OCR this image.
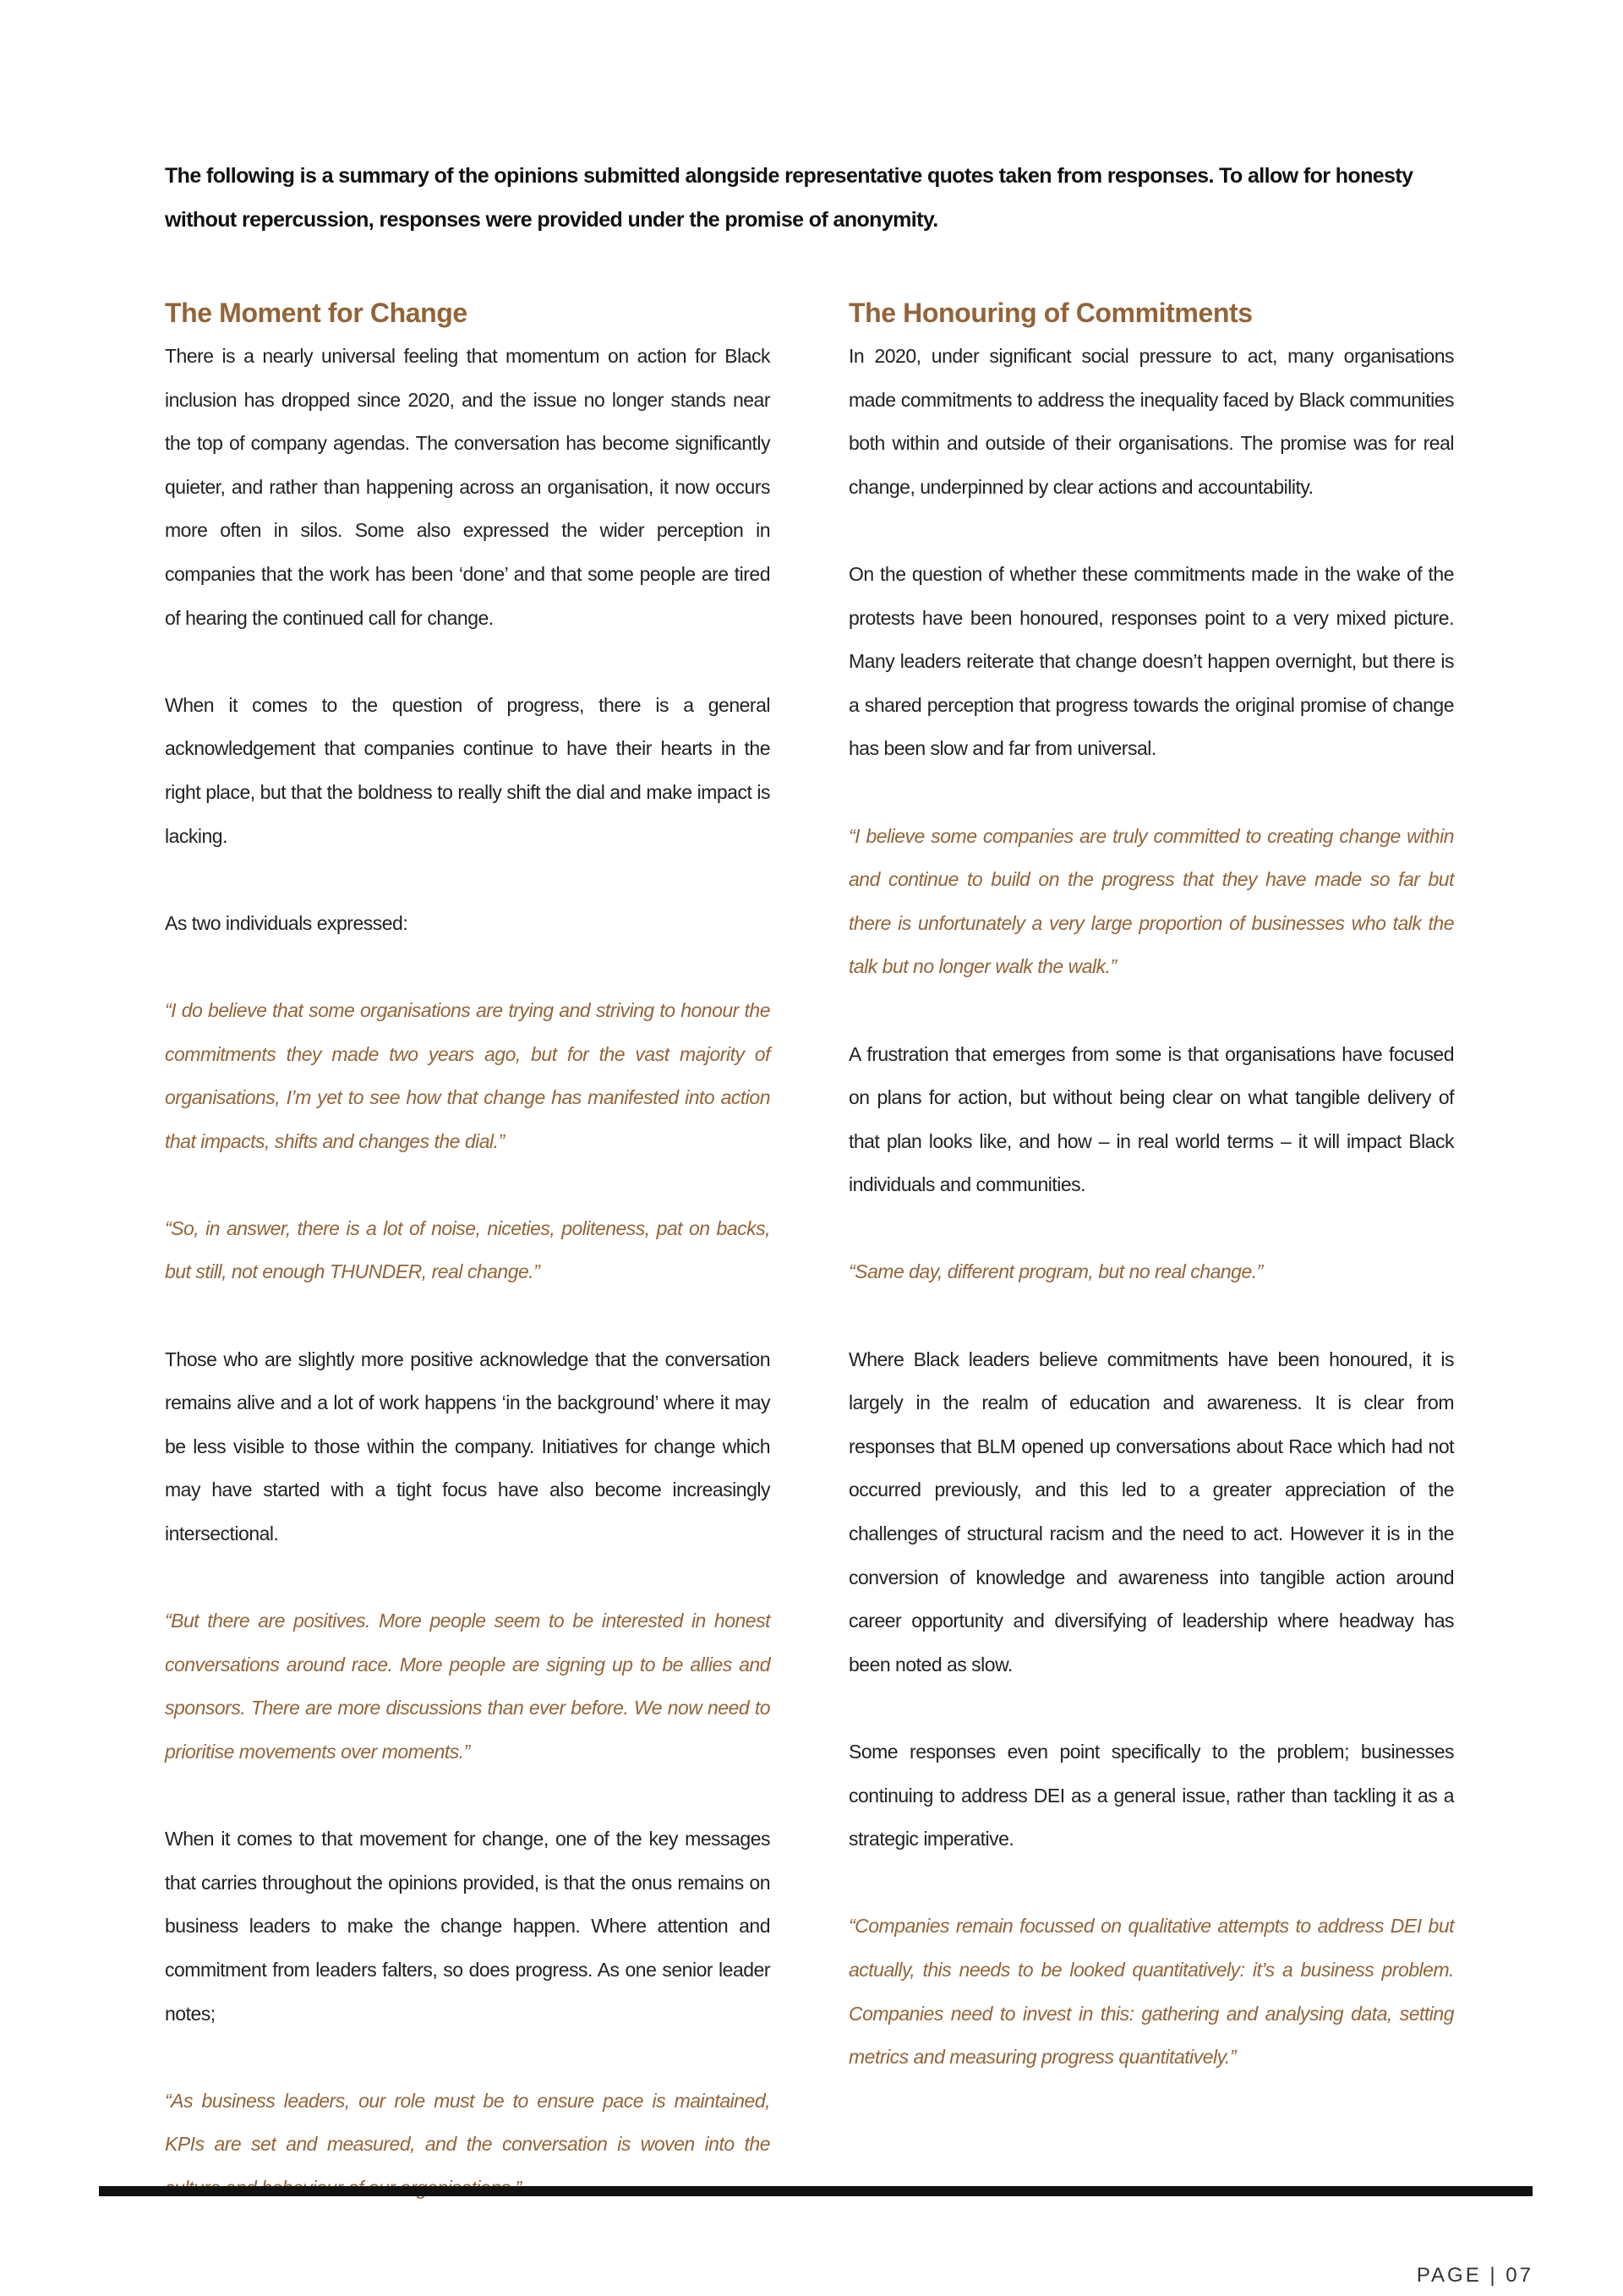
The following is a summary of the opinions submitted alongside representative quotes taken from responses. To allow for honesty without repercussion, responses were provided under the promise of anonymity.

The Moment for Change

There is a nearly universal feeling that momentum on action for Black inclusion has dropped since 2020, and the issue no longer stands near the top of company agendas. The conversation has become significantly quieter, and rather than happening across an organisation, it now occurs more often in silos. Some also expressed the wider perception in companies that the work has been ‘done’ and that some people are tired of hearing the continued call for change.

When it comes to the question of progress, there is a general acknowledgement that companies continue to have their hearts in the right place, but that the boldness to really shift the dial and make impact is lacking.

As two individuals expressed:

“I do believe that some organisations are trying and striving to honour the commitments they made two years ago, but for the vast majority of organisations, I’m yet to see how that change has manifested into action that impacts, shifts and changes the dial.”

“So, in answer, there is a lot of noise, niceties, politeness, pat on backs, but still, not enough THUNDER, real change.”

Those who are slightly more positive acknowledge that the conversation remains alive and a lot of work happens ‘in the background’ where it may be less visible to those within the company. Initiatives for change which may have started with a tight focus have also become increasingly intersectional.

“But there are positives. More people seem to be interested in honest conversations around race. More people are signing up to be allies and sponsors. There are more discussions than ever before. We now need to prioritise movements over moments.”

When it comes to that movement for change, one of the key messages that carries throughout the opinions provided, is that the onus remains on business leaders to make the change happen. Where attention and commitment from leaders falters, so does progress. As one senior leader notes;

“As business leaders, our role must be to ensure pace is maintained, KPIs are set and measured, and the conversation is woven into the

The Honouring of Commitments

In 2020, under significant social pressure to act, many organisations made commitments to address the inequality faced by Black communities both within and outside of their organisations. The promise was for real change, underpinned by clear actions and accountability.

On the question of whether these commitments made in the wake of the protests have been honoured, responses point to a very mixed picture. Many leaders reiterate that change doesn’t happen overnight, but there is a shared perception that progress towards the original promise of change has been slow and far from universal.

“I believe some companies are truly committed to creating change within and continue to build on the progress that they have made so far but there is unfortunately a very large proportion of businesses who talk the talk but no longer walk the walk.”

A frustration that emerges from some is that organisations have focused on plans for action, but without being clear on what tangible delivery of that plan looks like, and how – in real world terms – it will impact Black individuals and communities.

“Same day, different program, but no real change.”

Where Black leaders believe commitments have been honoured, it is largely in the realm of education and awareness. It is clear from responses that BLM opened up conversations about Race which had not occurred previously, and this led to a greater appreciation of the challenges of structural racism and the need to act. However it is in the conversion of knowledge and awareness into tangible action around career opportunity and diversifying of leadership where headway has been noted as slow.

Some responses even point specifically to the problem; businesses continuing to address DEI as a general issue, rather than tackling it as a strategic imperative.

“Companies remain focussed on qualitative attempts to address DEI but actually, this needs to be looked quantitatively: it’s a business problem. Companies need to invest in this: gathering and analysing data, setting metrics and measuring progress quantitatively.”

PAGE | 07
